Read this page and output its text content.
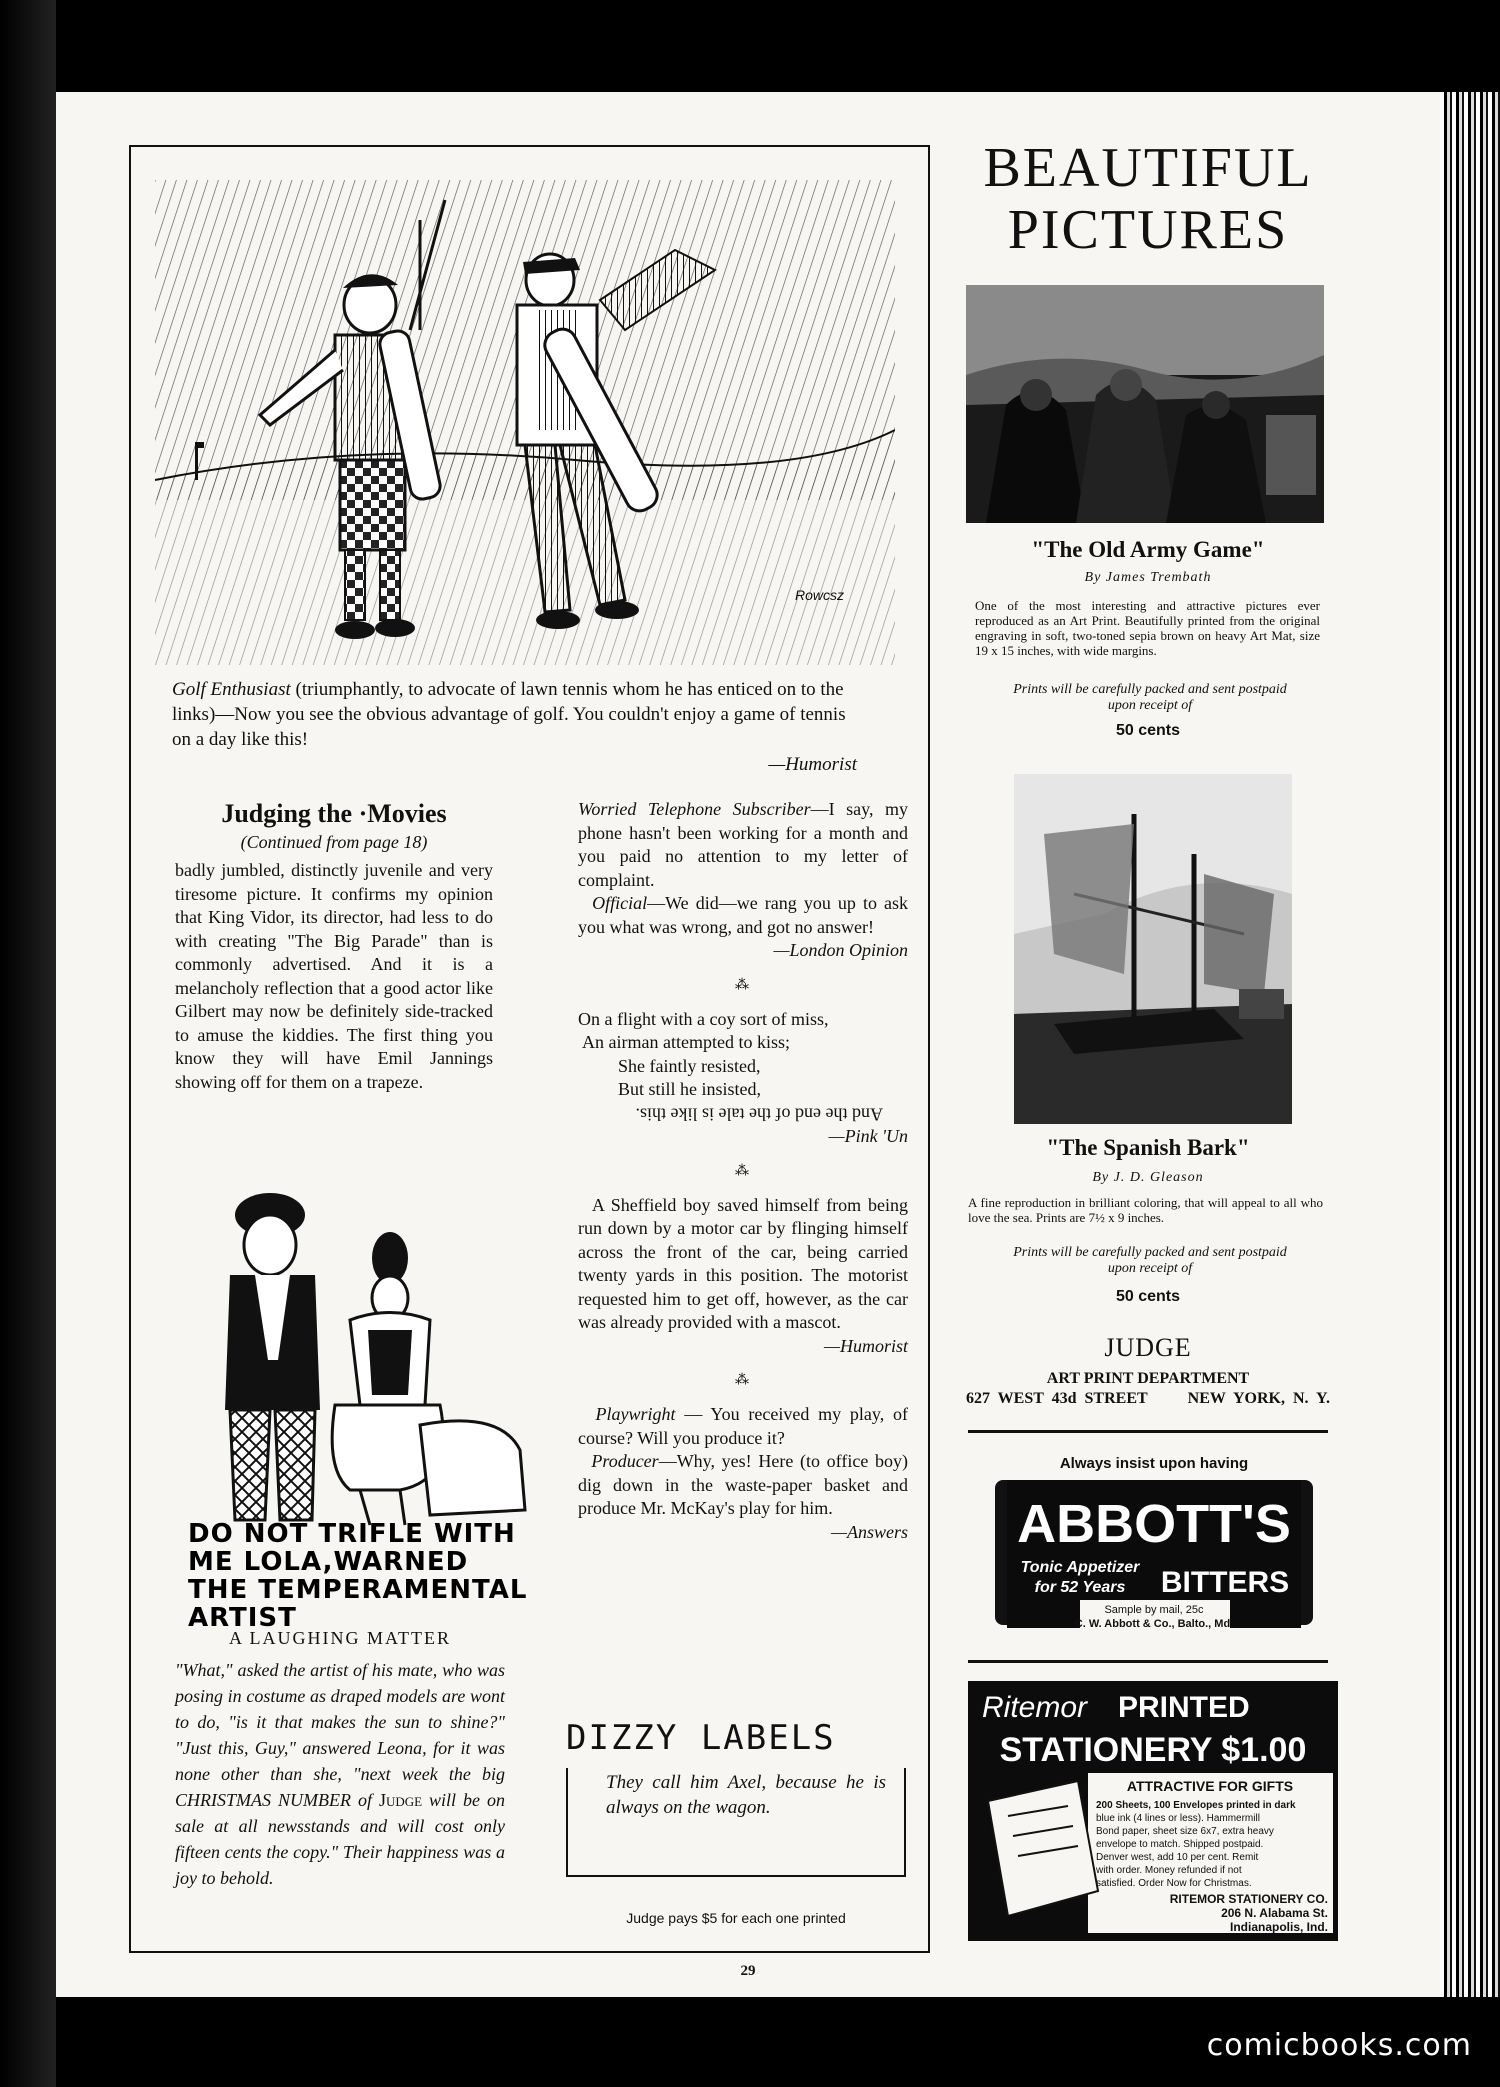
Rowcsz
Golf Enthusiast (triumphantly, to advocate of lawn tennis whom he has enticed on to the links)—Now you see the obvious advantage of golf. You couldn't enjoy a game of tennis on a day like this!
—Humorist
Judging the ·Movies
(Continued from page 18)

badly jumbled, distinctly juvenile and very tiresome picture. It confirms my opinion that King Vidor, its director, had less to do with creating "The Big Parade" than is commonly advertised. And it is a melancholy reflection that a good actor like Gilbert may now be definitely side-tracked to amuse the kiddies. The first thing you know they will have Emil Jannings showing off for them on a trapeze.

DO NOT TRIFLE WITH ME LOLA,WARNED THE TEMPERAMENTAL ARTIST
A LAUGHING MATTER
"What," asked the artist of his mate, who was posing in costume as draped models are wont to do, "is it that makes the sun to shine?" "Just this, Guy," answered Leona, for it was none other than she, "next week the big CHRISTMAS NUMBER of Judge will be on sale at all newsstands and will cost only fifteen cents the copy." Their happiness was a joy to behold.

Worried Telephone Subscriber—I say, my phone hasn't been working for a month and you paid no attention to my letter of complaint.
Official—We did—we rang you up to ask you what was wrong, and got no answer!
—London Opinion

⁂
On a flight with a coy sort of miss,
An airman attempted to kiss;
She faintly resisted,
But still he insisted,
And the end of the tale is like this.
—Pink 'Un
⁂

A Sheffield boy saved himself from being run down by a motor car by flinging himself across the front of the car, being carried twenty yards in this position. The motorist requested him to get off, however, as the car was already provided with a mascot.
—Humorist

⁂

Playwright — You received my play, of course? Will you produce it?
Producer—Why, yes! Here (to office boy) dig down in the waste-paper basket and produce Mr. McKay's play for him.
—Answers

DIZZY LABELS
They call him Axel, because he is always on the wagon.
Judge pays $5 for each one printed
29
BEAUTIFUL
PICTURES
"The Old Army Game"
By James Trembath
One of the most interesting and attractive pictures ever reproduced as an Art Print. Beautifully printed from the original engraving in soft, two-toned sepia brown on heavy Art Mat, size 19 x 15 inches, with wide margins.
Prints will be carefully packed and sent postpaid upon receipt of
50 cents
"The Spanish Bark"
By J. D. Gleason
A fine reproduction in brilliant coloring, that will appeal to all who love the sea. Prints are 7½ x 9 inches.
Prints will be carefully packed and sent postpaid upon receipt of
50 cents
JUDGE
ART PRINT DEPARTMENT
627 WEST 43d STREET	NEW YORK, N. Y.
Always insist upon having
ABBOTT'S
Tonic Appetizer
for 52 Years BITTERS
Sample by mail, 25c
C. W. Abbott & Co., Balto., Md.
Ritemor PRINTED
STATIONERY $1.00
ATTRACTIVE FOR GIFTS
200 Sheets, 100 Envelopes printed in dark
blue ink (4 lines or less). Hammermill
Bond paper, sheet size 6x7, extra heavy
envelope to match. Shipped postpaid.
Denver west, add 10 per cent. Remit
with order. Money refunded if not
satisfied. Order Now for Christmas.
RITEMOR STATIONERY CO.
206 N. Alabama St.
Indianapolis, Ind.
comicbooks.com
